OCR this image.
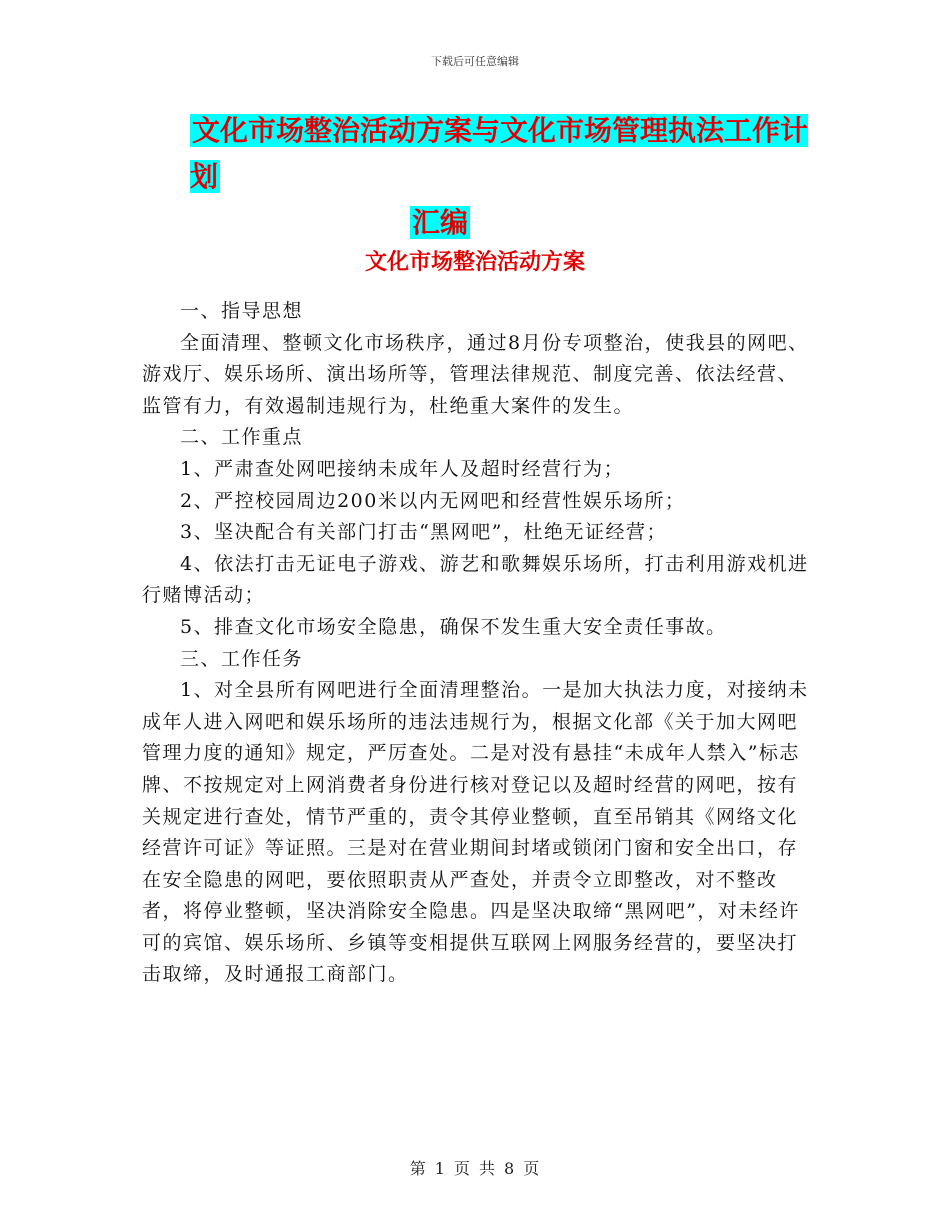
下载后可任意编辑
文化市场整治活动方案与文化市场管理执法工作计划
汇编
文化市场整治活动方案

一、指导思想

全面清理、整顿文化市场秩序，通过8月份专项整治，使我县的网吧、游戏厅、娱乐场所、演出场所等，管理法律规范、制度完善、依法经营、监管有力，有效遏制违规行为，杜绝重大案件的发生。

二、工作重点

1、严肃查处网吧接纳未成年人及超时经营行为；

2、严控校园周边200米以内无网吧和经营性娱乐场所；

3、坚决配合有关部门打击“黑网吧”，杜绝无证经营；

4、依法打击无证电子游戏、游艺和歌舞娱乐场所，打击利用游戏机进行赌博活动；

5、排查文化市场安全隐患，确保不发生重大安全责任事故。

三、工作任务

1、对全县所有网吧进行全面清理整治。一是加大执法力度，对接纳未成年人进入网吧和娱乐场所的违法违规行为，根据文化部《关于加大网吧管理力度的通知》规定，严厉查处。二是对没有悬挂“未成年人禁入”标志牌、不按规定对上网消费者身份进行核对登记以及超时经营的网吧，按有关规定进行查处，情节严重的，责令其停业整顿，直至吊销其《网络文化经营许可证》等证照。三是对在营业期间封堵或锁闭门窗和安全出口，存在安全隐患的网吧，要依照职责从严查处，并责令立即整改，对不整改者，将停业整顿，坚决消除安全隐患。四是坚决取缔“黑网吧”，对未经许可的宾馆、娱乐场所、乡镇等变相提供互联网上网服务经营的，要坚决打击取缔，及时通报工商部门。

第 1 页 共 8 页
